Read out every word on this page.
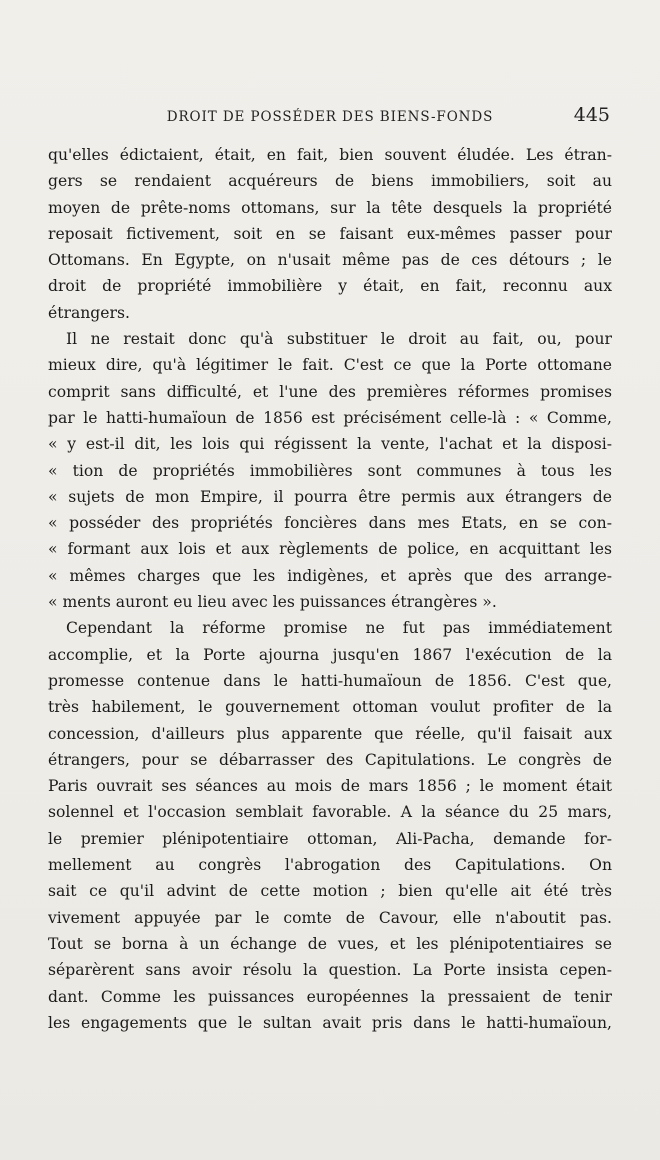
DROIT DE POSSÉDER DES BIENS-FONDS	445
qu'elles édictaient, était, en fait, bien souvent éludée. Les étran-
gers se rendaient acquéreurs de biens immobiliers, soit au
moyen de prête-noms ottomans, sur la tête desquels la propriété
reposait fictivement, soit en se faisant eux-mêmes passer pour
Ottomans. En Egypte, on n'usait même pas de ces détours ; le
droit de propriété immobilière y était, en fait, reconnu aux
étrangers.
Il ne restait donc qu'à substituer le droit au fait, ou, pour
mieux dire, qu'à légitimer le fait. C'est ce que la Porte ottomane
comprit sans difficulté, et l'une des premières réformes promises
par le hatti-humaïoun de 1856 est précisément celle-là : « Comme,
« y est-il dit, les lois qui régissent la vente, l'achat et la disposi-
« tion de propriétés immobilières sont communes à tous les
« sujets de mon Empire, il pourra être permis aux étrangers de
« posséder des propriétés foncières dans mes Etats, en se con-
« formant aux lois et aux règlements de police, en acquittant les
« mêmes charges que les indigènes, et après que des arrange-
« ments auront eu lieu avec les puissances étrangères ».
Cependant la réforme promise ne fut pas immédiatement
accomplie, et la Porte ajourna jusqu'en 1867 l'exécution de la
promesse contenue dans le hatti-humaïoun de 1856. C'est que,
très habilement, le gouvernement ottoman voulut profiter de la
concession, d'ailleurs plus apparente que réelle, qu'il faisait aux
étrangers, pour se débarrasser des Capitulations. Le congrès de
Paris ouvrait ses séances au mois de mars 1856 ; le moment était
solennel et l'occasion semblait favorable. A la séance du 25 mars,
le premier plénipotentiaire ottoman, Ali-Pacha, demande for-
mellement au congrès l'abrogation des Capitulations. On
sait ce qu'il advint de cette motion ; bien qu'elle ait été très
vivement appuyée par le comte de Cavour, elle n'aboutit pas.
Tout se borna à un échange de vues, et les plénipotentiaires se
séparèrent sans avoir résolu la question. La Porte insista cepen-
dant. Comme les puissances européennes la pressaient de tenir
les engagements que le sultan avait pris dans le hatti-humaïoun,
